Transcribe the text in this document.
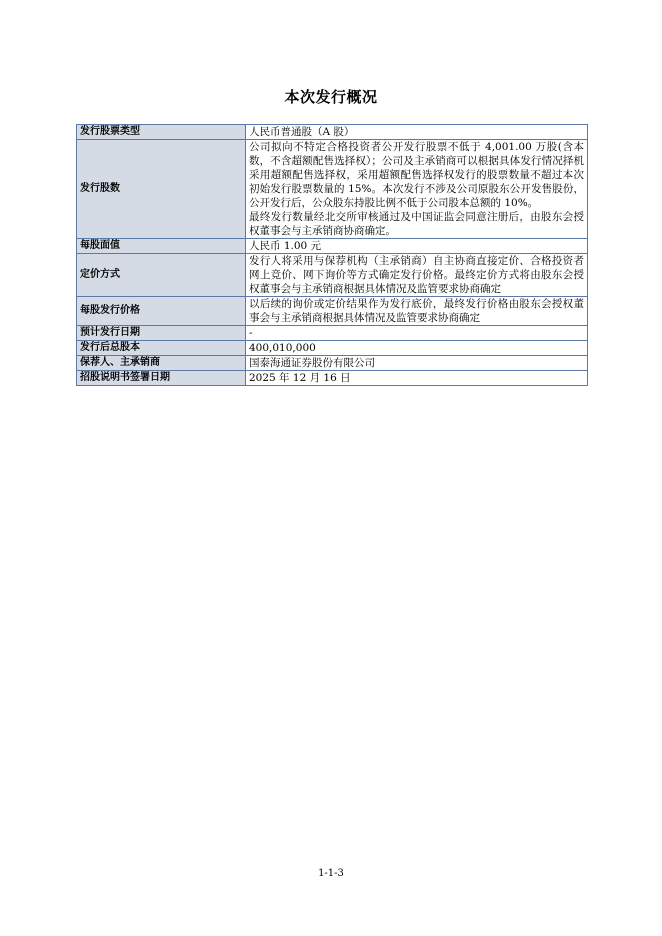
本次发行概况
发行股票类型	人民币普通股（A 股）

发行股数	公司拟向不特定合格投资者公开发行股票不低于 4,001.00 万股(含本数，不含超额配售选择权）；公司及主承销商可以根据具体发行情况择机采用超额配售选择权，采用超额配售选择权发行的股票数量不超过本次初始发行股票数量的 15%。本次发行不涉及公司原股东公开发售股份，公开发行后，公众股东持股比例不低于公司股本总额的 10%。

最终发行数量经北交所审核通过及中国证监会同意注册后，由股东会授权董事会与主承销商协商确定。

每股面值	人民币 1.00 元

定价方式	发行人将采用与保荐机构（主承销商）自主协商直接定价、合格投资者网上竞价、网下询价等方式确定发行价格。最终定价方式将由股东会授权董事会与主承销商根据具体情况及监管要求协商确定

每股发行价格	以后续的询价或定价结果作为发行底价，最终发行价格由股东会授权董事会与主承销商根据具体情况及监管要求协商确定

预计发行日期	-

发行后总股本	400,010,000

保荐人、主承销商	国泰海通证券股份有限公司

招股说明书签署日期	2025 年 12 月 16 日

1-1-3
